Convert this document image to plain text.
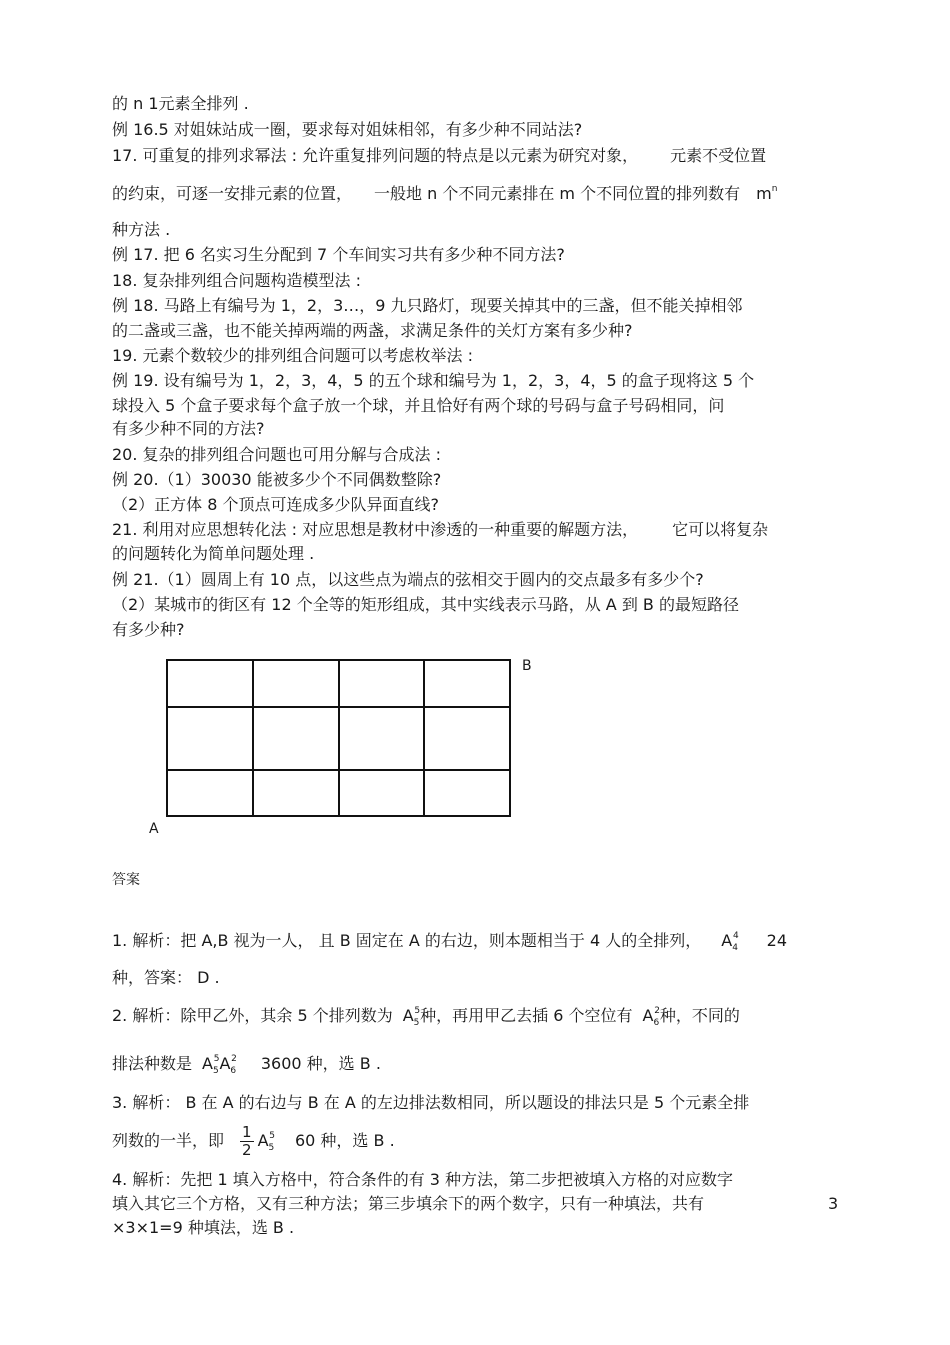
的 n 1元素全排列 .

例 16.5 对姐妹站成一圈，要求每对姐妹相邻，有多少种不同站法?

17. 可重复的排列求幂法 : 允许重复排列问题的特点是以元素为研究对象， 元素不受位置

的约束，可逐一安排元素的位置， 一般地 n 个不同元素排在 m 个不同位置的排列数有 $m^n$

种方法 .

例 17. 把 6 名实习生分配到 7 个车间实习共有多少种不同方法?

18. 复杂排列组合问题构造模型法 :

例 18. 马路上有编号为 1，2，3…，9 九只路灯，现要关掉其中的三盏，但不能关掉相邻

的二盏或三盏，也不能关掉两端的两盏，求满足条件的关灯方案有多少种?

19. 元素个数较少的排列组合问题可以考虑枚举法 :

例 19. 设有编号为 1，2，3，4，5 的五个球和编号为 1，2，3，4，5 的盒子现将这 5 个

球投入 5 个盒子要求每个盒子放一个球，并且恰好有两个球的号码与盒子号码相同，问

有多少种不同的方法?

20. 复杂的排列组合问题也可用分解与合成法 :

例 20.（1）30030 能被多少个不同偶数整除?

（2）正方体 8 个顶点可连成多少队异面直线?

21. 利用对应思想转化法 : 对应思想是教材中渗透的一种重要的解题方法， 它可以将复杂

的问题转化为简单问题处理 .

例 21.（1）圆周上有 10 点，以这些点为端点的弦相交于圆内的交点最多有多少个?

（2）某城市的街区有 12 个全等的矩形组成，其中实线表示马路，从 A 到 B 的最短路径

有多少种?

B
A

答案

1. 解析：把 A,B 视为一人， 且 B 固定在 A 的右边，则本题相当于 4 人的全排列， $A_4^4$ 24

种，答案： D .

2. 解析：除甲乙外，其余 5 个排列数为 $A_5^5$种，再用甲乙去插 6 个空位有 $A_6^2$种，不同的

排法种数是 $A_5^5A_6^2$ 3600 种，选 B .

3. 解析： B 在 A 的右边与 B 在 A 的左边排法数相同，所以题设的排法只是 5 个元素全排

列数的一半，即 $\frac{1}{2} A_5^5$ 60 种，选 B .

4. 解析：先把 1 填入方格中，符合条件的有 3 种方法，第二步把被填入方格的对应数字

填入其它三个方格，又有三种方法；第三步填余下的两个数字，只有一种填法，共有	3

×3×1=9 种填法，选 B .
